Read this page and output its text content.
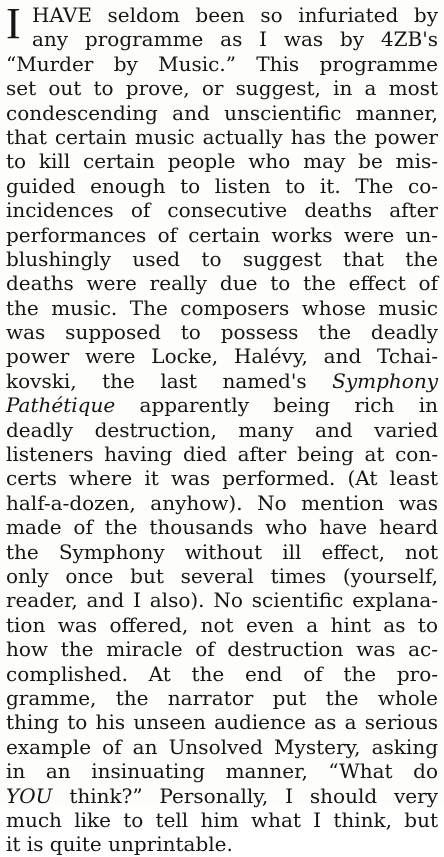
I HAVE seldom been so infuriated by
any programme as I was by 4ZB's
“Murder by Music.” This programme
set out to prove, or suggest, in a most
condescending and unscientific manner,
that certain music actually has the power
to kill certain people who may be mis-
guided enough to listen to it. The co-
incidences of consecutive deaths after
performances of certain works were un-
blushingly used to suggest that the
deaths were really due to the effect of
the music. The composers whose music
was supposed to possess the deadly
power were Locke, Halévy, and Tchai-
kovski, the last named's Symphony
Pathétique apparently being rich in
deadly destruction, many and varied
listeners having died after being at con-
certs where it was performed. (At least
half-a-dozen, anyhow). No mention was
made of the thousands who have heard
the Symphony without ill effect, not
only once but several times (yourself,
reader, and I also). No scientific explana-
tion was offered, not even a hint as to
how the miracle of destruction was ac-
complished. At the end of the pro-
gramme, the narrator put the whole
thing to his unseen audience as a serious
example of an Unsolved Mystery, asking
in an insinuating manner, “What do
YOU think?” Personally, I should very
much like to tell him what I think, but
it is quite unprintable.
